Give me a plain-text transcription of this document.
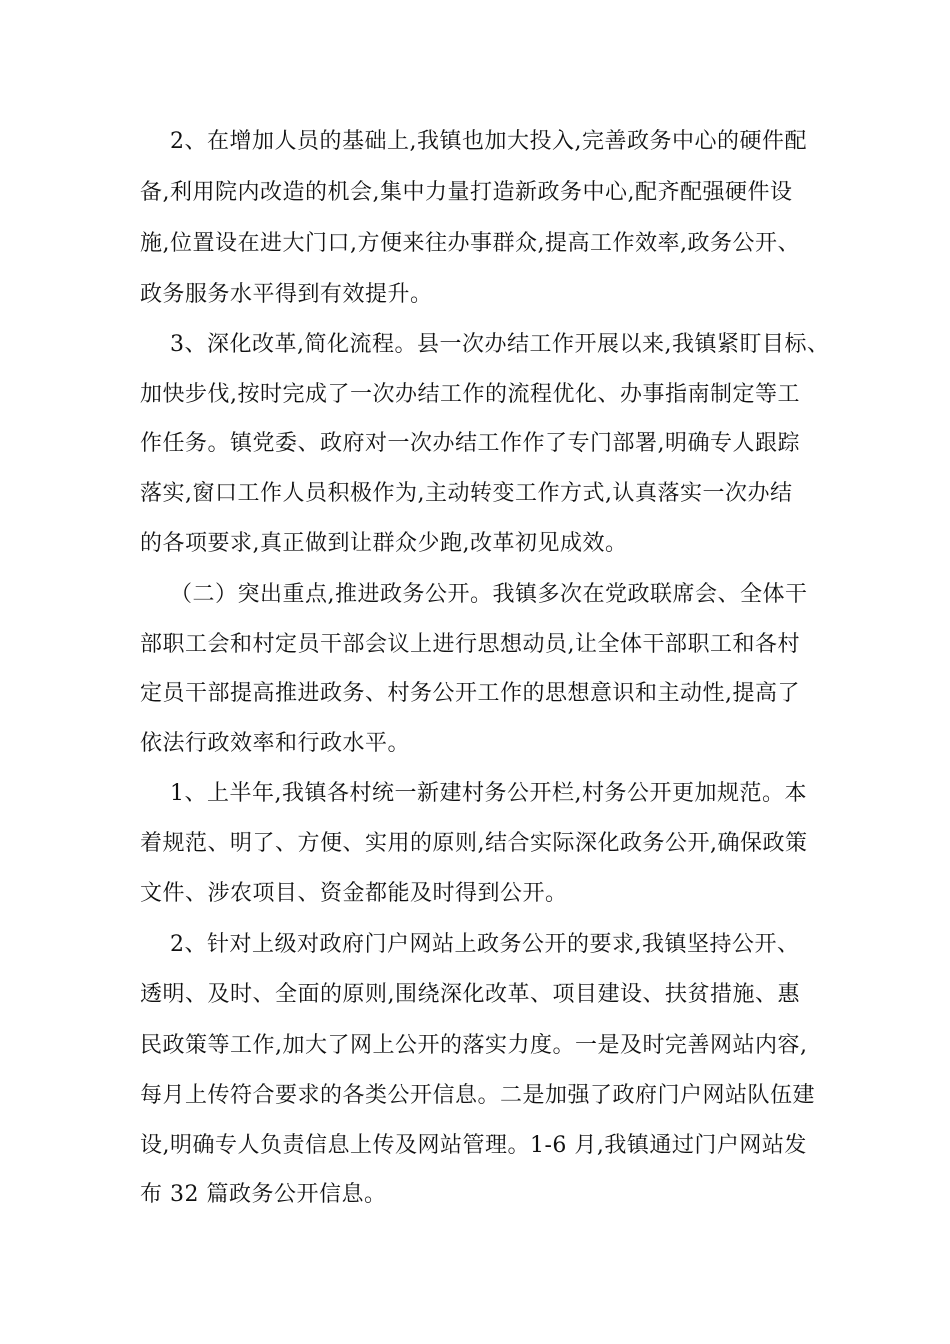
2、在增加人员的基础上,我镇也加大投入,完善政务中心的硬件配
备,利用院内改造的机会,集中力量打造新政务中心,配齐配强硬件设
施,位置设在进大门口,方便来往办事群众,提高工作效率,政务公开、
政务服务水平得到有效提升。
3、深化改革,简化流程。县一次办结工作开展以来,我镇紧盯目标、
加快步伐,按时完成了一次办结工作的流程优化、办事指南制定等工
作任务。镇党委、政府对一次办结工作作了专门部署,明确专人跟踪
落实,窗口工作人员积极作为,主动转变工作方式,认真落实一次办结
的各项要求,真正做到让群众少跑,改革初见成效。
（二）突出重点,推进政务公开。我镇多次在党政联席会、全体干
部职工会和村定员干部会议上进行思想动员,让全体干部职工和各村
定员干部提高推进政务、村务公开工作的思想意识和主动性,提高了
依法行政效率和行政水平。
1、上半年,我镇各村统一新建村务公开栏,村务公开更加规范。本
着规范、明了、方便、实用的原则,结合实际深化政务公开,确保政策
文件、涉农项目、资金都能及时得到公开。
2、针对上级对政府门户网站上政务公开的要求,我镇坚持公开、
透明、及时、全面的原则,围绕深化改革、项目建设、扶贫措施、惠
民政策等工作,加大了网上公开的落实力度。一是及时完善网站内容,
每月上传符合要求的各类公开信息。二是加强了政府门户网站队伍建
设,明确专人负责信息上传及网站管理。1-6 月,我镇通过门户网站发
布 32 篇政务公开信息。
